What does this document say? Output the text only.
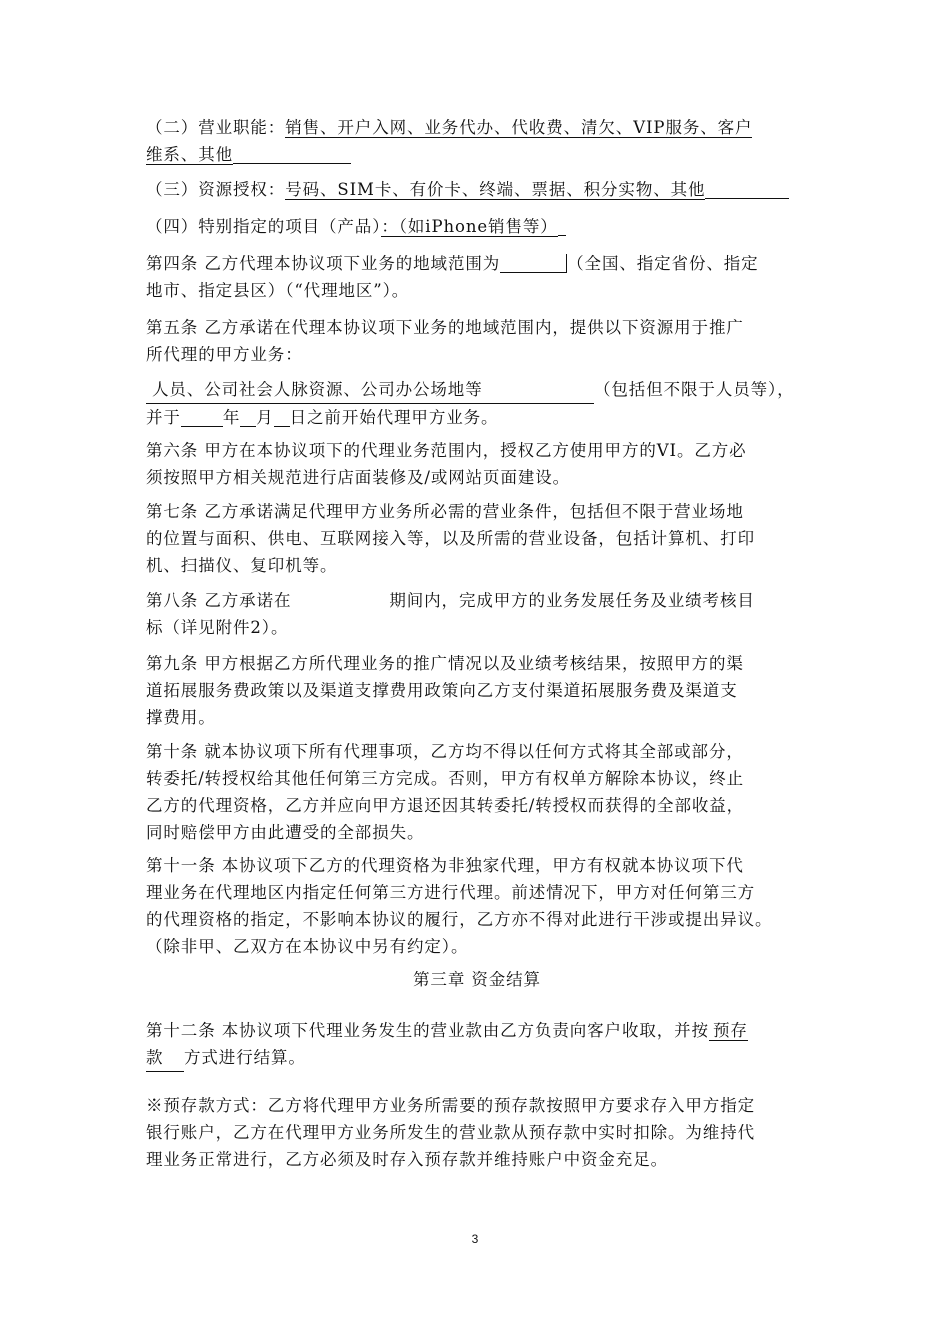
（二）营业职能：销售、开户入网、业务代办、代收费、清欠、VIP服务、客户
维系、其他
（三）资源授权：号码、SIM卡、有价卡、终端、票据、积分实物、其他
（四）特别指定的项目（产品）：（如iPhone销售等）
第四条 乙方代理本协议项下业务的地域范围为	（全国、指定省份、指定
地市、指定县区）（“代理地区”）。
第五条 乙方承诺在代理本协议项下业务的地域范围内，提供以下资源用于推广
所代理的甲方业务：
人员、公司社会人脉资源、公司办公场地等	（包括但不限于人员等），
并于	年 月 日之前开始代理甲方业务。
第六条 甲方在本协议项下的代理业务范围内，授权乙方使用甲方的VI。乙方必
须按照甲方相关规范进行店面装修及/或网站页面建设。
第七条 乙方承诺满足代理甲方业务所必需的营业条件，包括但不限于营业场地
的位置与面积、供电、互联网接入等，以及所需的营业设备，包括计算机、打印
机、扫描仪、复印机等。
第八条 乙方承诺在	期间内，完成甲方的业务发展任务及业绩考核目
标（详见附件2）。
第九条 甲方根据乙方所代理业务的推广情况以及业绩考核结果，按照甲方的渠
道拓展服务费政策以及渠道支撑费用政策向乙方支付渠道拓展服务费及渠道支
撑费用。
第十条 就本协议项下所有代理事项，乙方均不得以任何方式将其全部或部分，
转委托/转授权给其他任何第三方完成。否则，甲方有权单方解除本协议，终止
乙方的代理资格，乙方并应向甲方退还因其转委托/转授权而获得的全部收益，
同时赔偿甲方由此遭受的全部损失。
第十一条 本协议项下乙方的代理资格为非独家代理，甲方有权就本协议项下代
理业务在代理地区内指定任何第三方进行代理。前述情况下，甲方对任何第三方
的代理资格的指定，不影响本协议的履行，乙方亦不得对此进行干涉或提出异议。
（除非甲、乙双方在本协议中另有约定）。
第三章 资金结算
第十二条 本协议项下代理业务发生的营业款由乙方负责向客户收取，并按 预存
款 方式进行结算。
※预存款方式：乙方将代理甲方业务所需要的预存款按照甲方要求存入甲方指定
银行账户，乙方在代理甲方业务所发生的营业款从预存款中实时扣除。为维持代
理业务正常进行，乙方必须及时存入预存款并维持账户中资金充足。
3
